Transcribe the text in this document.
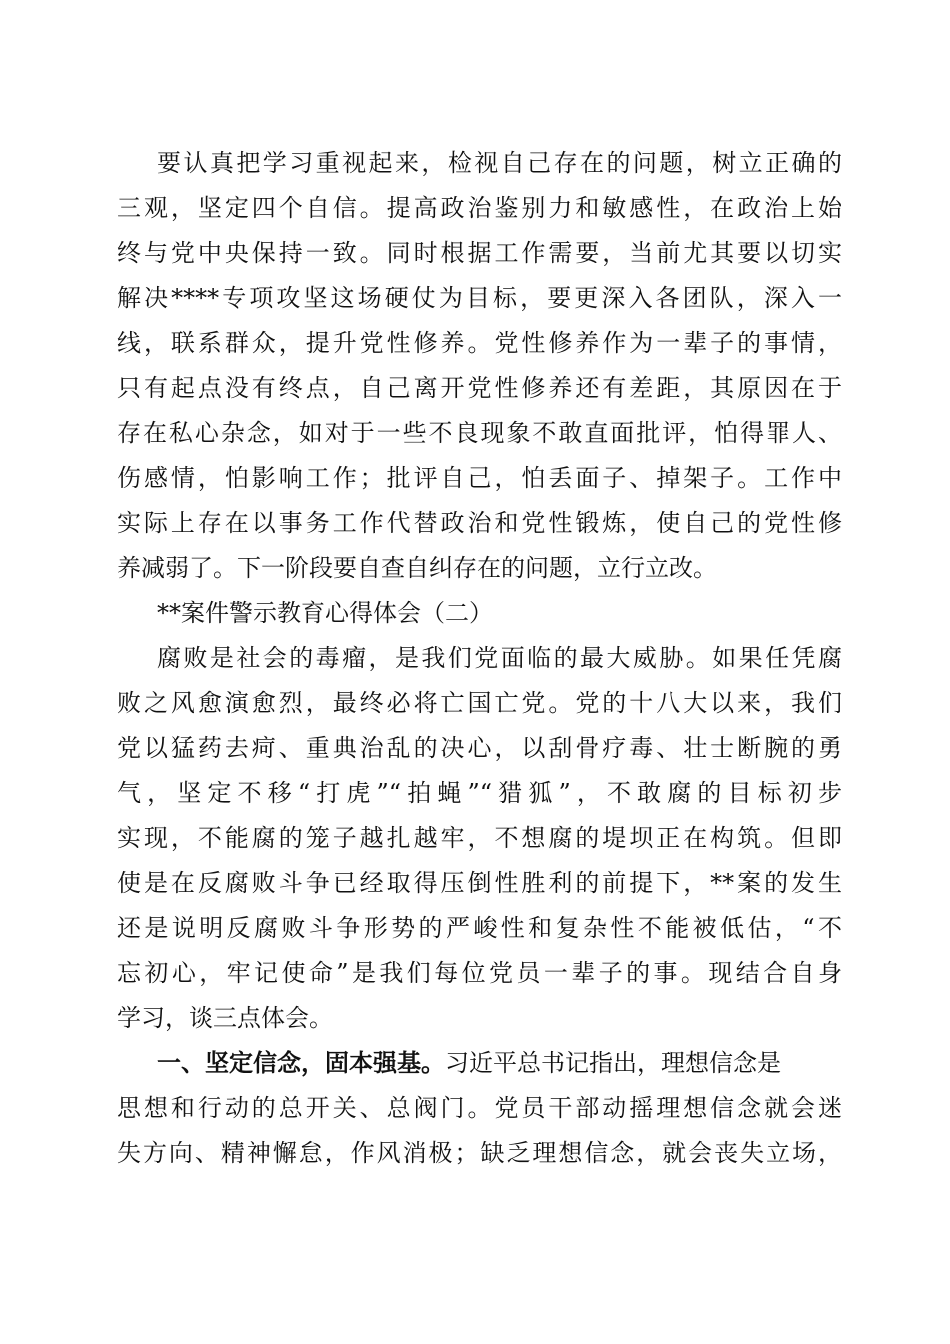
要认真把学习重视起来，检视自己存在的问题，树立正确的
三观，坚定四个自信。提高政治鉴别力和敏感性，在政治上始
终与党中央保持一致。同时根据工作需要，当前尤其要以切实
解决****专项攻坚这场硬仗为目标，要更深入各团队，深入一
线，联系群众，提升党性修养。党性修养作为一辈子的事情，
只有起点没有终点，自己离开党性修养还有差距，其原因在于
存在私心杂念，如对于一些不良现象不敢直面批评，怕得罪人、
伤感情，怕影响工作；批评自己，怕丢面子、掉架子。工作中
实际上存在以事务工作代替政治和党性锻炼，使自己的党性修
养减弱了。下一阶段要自查自纠存在的问题，立行立改。
**案件警示教育心得体会（二）
腐败是社会的毒瘤，是我们党面临的最大威胁。如果任凭腐
败之风愈演愈烈，最终必将亡国亡党。党的十八大以来，我们
党以猛药去疴、重典治乱的决心，以刮骨疗毒、壮士断腕的勇
气，坚定不移“打虎”“拍蝇”“猎狐”，不敢腐的目标初步
实现，不能腐的笼子越扎越牢，不想腐的堤坝正在构筑。但即
使是在反腐败斗争已经取得压倒性胜利的前提下，**案的发生
还是说明反腐败斗争形势的严峻性和复杂性不能被低估，“不
忘初心，牢记使命”是我们每位党员一辈子的事。现结合自身
学习，谈三点体会。
一、坚定信念，固本强基。习近平总书记指出，理想信念是
思想和行动的总开关、总阀门。党员干部动摇理想信念就会迷
失方向、精神懈怠，作风消极；缺乏理想信念，就会丧失立场，
